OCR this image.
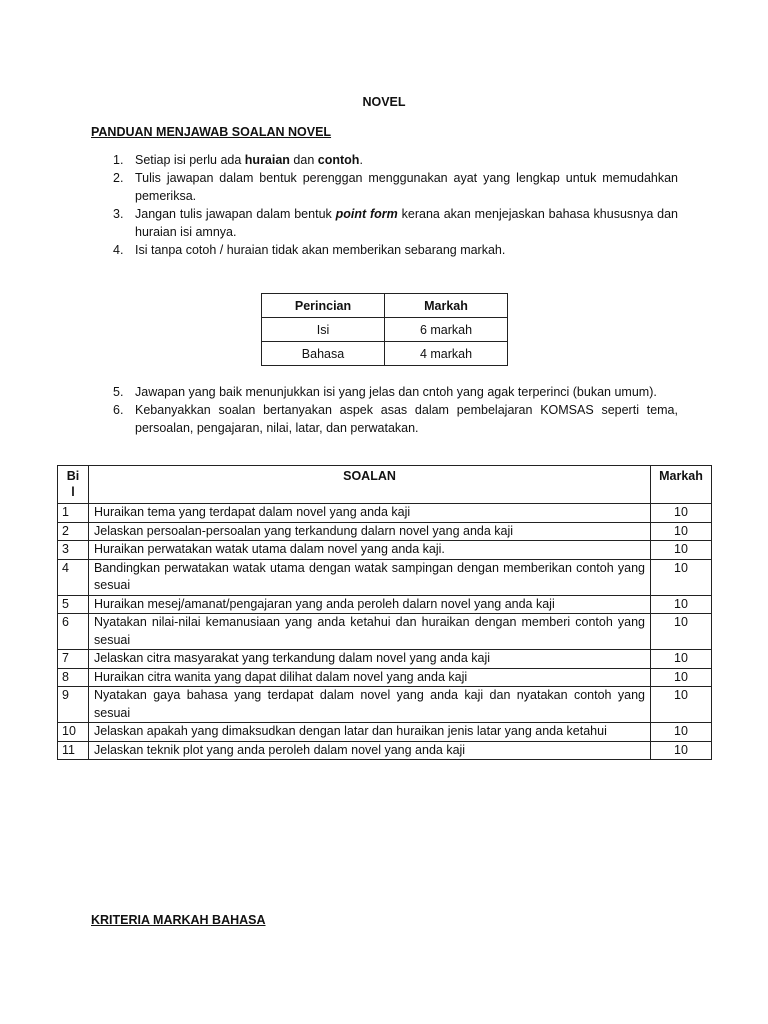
NOVEL
PANDUAN MENJAWAB SOALAN NOVEL
1. Setiap isi perlu ada huraian dan contoh.
2. Tulis jawapan dalam bentuk perenggan menggunakan ayat yang lengkap untuk memudahkan pemeriksa.
3. Jangan tulis jawapan dalam bentuk point form kerana akan menjejaskan bahasa khususnya dan huraian isi amnya.
4. Isi tanpa cotoh / huraian tidak akan memberikan sebarang markah.
Perincian	Markah
Isi	6 markah
Bahasa	4 markah
5. Jawapan yang baik menunjukkan isi yang jelas dan cntoh yang agak terperinci (bukan umum).
6. Kebanyakkan soalan bertanyakan aspek asas dalam pembelajaran KOMSAS seperti tema, persoalan, pengajaran, nilai, latar, dan perwatakan.
Bi
l	SOALAN	Markah
1	Huraikan tema yang terdapat dalam novel yang anda kaji	10
2	Jelaskan persoalan-persoalan yang terkandung dalarn novel yang anda kaji	10
3	Huraikan perwatakan watak utama dalam novel yang anda kaji.	10
4	Bandingkan perwatakan watak utama dengan watak sampingan dengan memberikan contoh yang sesuai	10
5	Huraikan mesej/amanat/pengajaran yang anda peroleh dalarn novel yang anda kaji	10
6	Nyatakan nilai-nilai kemanusiaan yang anda ketahui dan huraikan dengan memberi contoh yang sesuai	10
7	Jelaskan citra masyarakat yang terkandung dalam novel yang anda kaji	10
8	Huraikan citra wanita yang dapat dilihat dalam novel yang anda kaji	10
9	Nyatakan gaya bahasa yang terdapat dalam novel yang anda kaji dan nyatakan contoh yang sesuai	10
10	Jelaskan apakah yang dimaksudkan dengan latar dan huraikan jenis latar yang anda ketahui	10
11	Jelaskan teknik plot yang anda peroleh dalam novel yang anda kaji	10
KRITERIA MARKAH BAHASA
